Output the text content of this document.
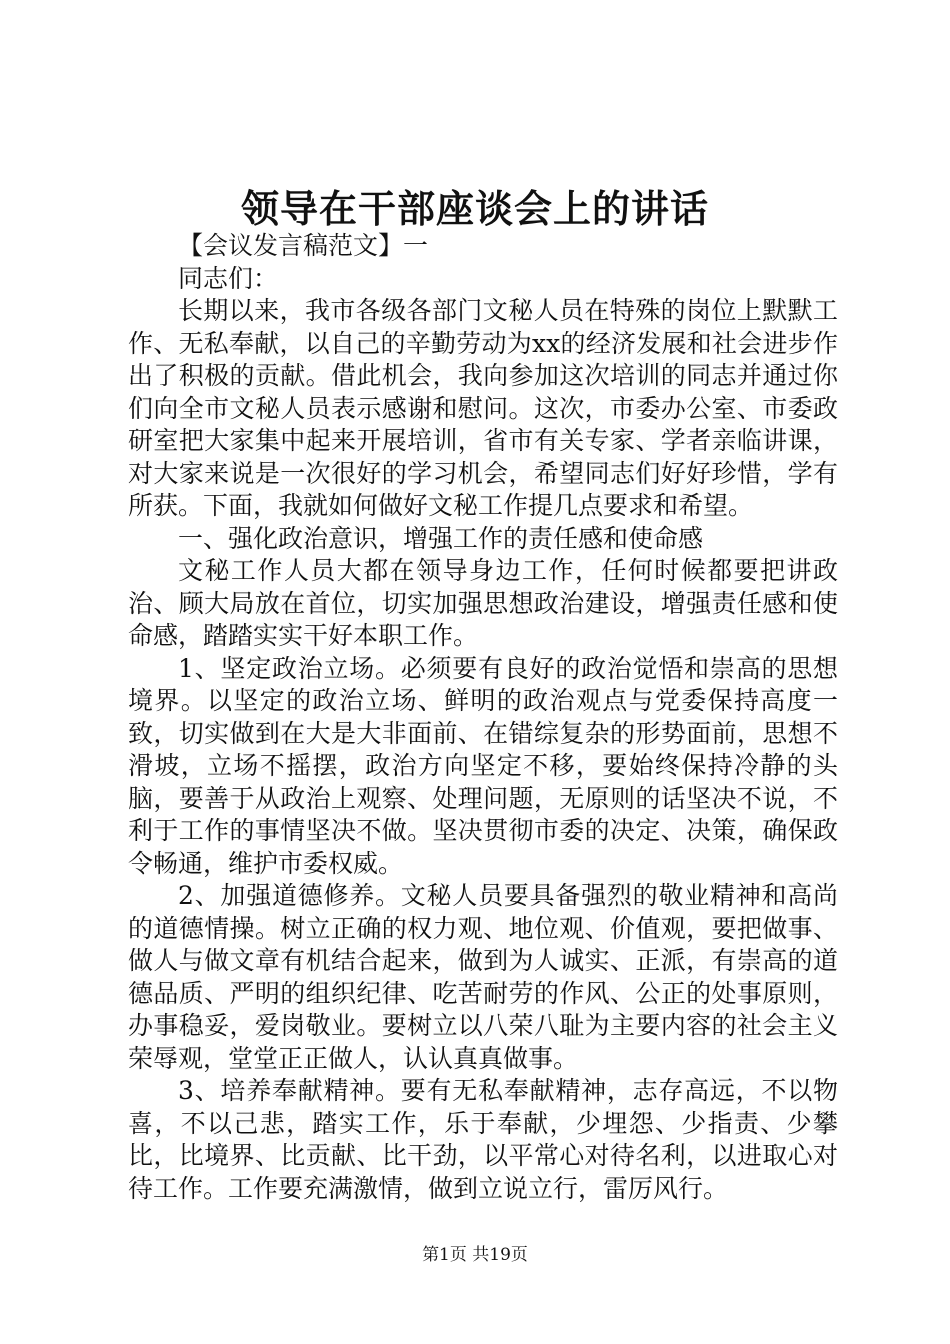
领导在干部座谈会上的讲话

【会议发言稿范文】一

同志们：

长期以来，我市各级各部门文秘人员在特殊的岗位上默默工作、无私奉献，以自己的辛勤劳动为xx的经济发展和社会进步作出了积极的贡献。借此机会，我向参加这次培训的同志并通过你们向全市文秘人员表示感谢和慰问。这次，市委办公室、市委政研室把大家集中起来开展培训，省市有关专家、学者亲临讲课，对大家来说是一次很好的学习机会，希望同志们好好珍惜，学有所获。下面，我就如何做好文秘工作提几点要求和希望。

一、强化政治意识，增强工作的责任感和使命感

文秘工作人员大都在领导身边工作，任何时候都要把讲政治、顾大局放在首位，切实加强思想政治建设，增强责任感和使命感，踏踏实实干好本职工作。

1、坚定政治立场。必须要有良好的政治觉悟和崇高的思想境界。以坚定的政治立场、鲜明的政治观点与党委保持高度一致，切实做到在大是大非面前、在错综复杂的形势面前，思想不滑坡，立场不摇摆，政治方向坚定不移，要始终保持冷静的头脑，要善于从政治上观察、处理问题，无原则的话坚决不说，不利于工作的事情坚决不做。坚决贯彻市委的决定、决策，确保政令畅通，维护市委权威。

2、加强道德修养。文秘人员要具备强烈的敬业精神和高尚的道德情操。树立正确的权力观、地位观、价值观，要把做事、做人与做文章有机结合起来，做到为人诚实、正派，有崇高的道德品质、严明的组织纪律、吃苦耐劳的作风、公正的处事原则，办事稳妥，爱岗敬业。要树立以八荣八耻为主要内容的社会主义荣辱观，堂堂正正做人，认认真真做事。

3、培养奉献精神。要有无私奉献精神，志存高远，不以物喜，不以己悲，踏实工作，乐于奉献，少埋怨、少指责、少攀比，比境界、比贡献、比干劲，以平常心对待名利，以进取心对待工作。工作要充满激情，做到立说立行，雷厉风行。

第1页 共19页
